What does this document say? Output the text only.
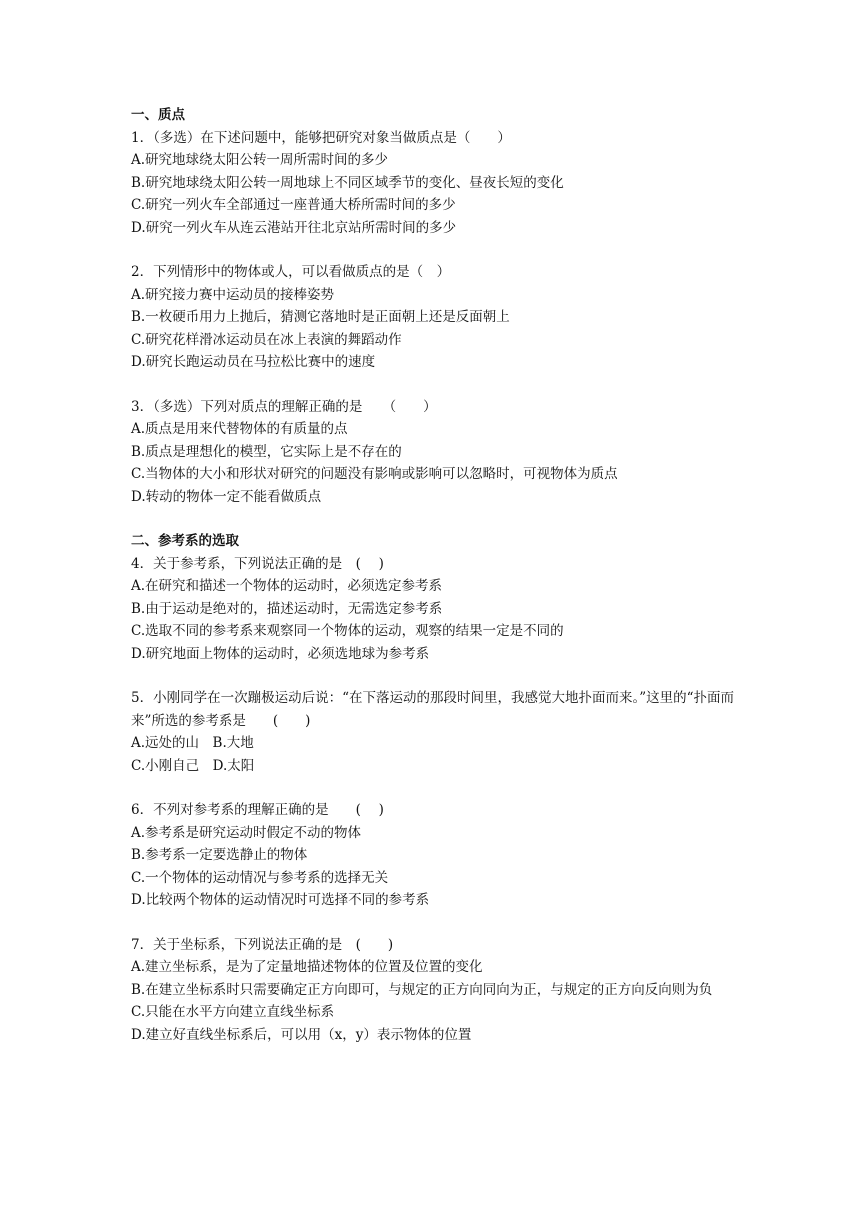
一、质点

1．（多选）在下述问题中，能够把研究对象当做质点是（　　）

A.研究地球绕太阳公转一周所需时间的多少

B.研究地球绕太阳公转一周地球上不同区域季节的变化、昼夜长短的变化

C.研究一列火车全部通过一座普通大桥所需时间的多少

D.研究一列火车从连云港站开往北京站所需时间的多少

2．下列情形中的物体或人，可以看做质点的是（　）

A.研究接力赛中运动员的接棒姿势

B.一枚硬币用力上抛后，猜测它落地时是正面朝上还是反面朝上

C.研究花样滑冰运动员在冰上表演的舞蹈动作

D.研究长跑运动员在马拉松比赛中的速度

3．（多选）下列对质点的理解正确的是　　（　　）

A.质点是用来代替物体的有质量的点

B.质点是理想化的模型，它实际上是不存在的

C.当物体的大小和形状对研究的问题没有影响或影响可以忽略时，可视物体为质点

D.转动的物体一定不能看做质点

二、参考系的选取

4．关于参考系，下列说法正确的是　( 　)

A.在研究和描述一个物体的运动时，必须选定参考系

B.由于运动是绝对的，描述运动时，无需选定参考系

C.选取不同的参考系来观察同一个物体的运动，观察的结果一定是不同的

D.研究地面上物体的运动时，必须选地球为参考系

5．小刚同学在一次蹦极运动后说：“在下落运动的那段时间里，我感觉大地扑面而来。”这里的“扑面而来”所选的参考系是　　(　　)

A.远处的山　B.大地

C.小刚自己　D.太阳

6．不列对参考系的理解正确的是　　(　 )

A.参考系是研究运动时假定不动的物体

B.参考系一定要选静止的物体

C.一个物体的运动情况与参考系的选择无关

D.比较两个物体的运动情况时可选择不同的参考系

7．关于坐标系，下列说法正确的是　(　　)

A.建立坐标系，是为了定量地描述物体的位置及位置的变化

B.在建立坐标系时只需要确定正方向即可，与规定的正方向同向为正，与规定的正方向反向则为负

C.只能在水平方向建立直线坐标系

D.建立好直线坐标系后，可以用（x，y）表示物体的位置
